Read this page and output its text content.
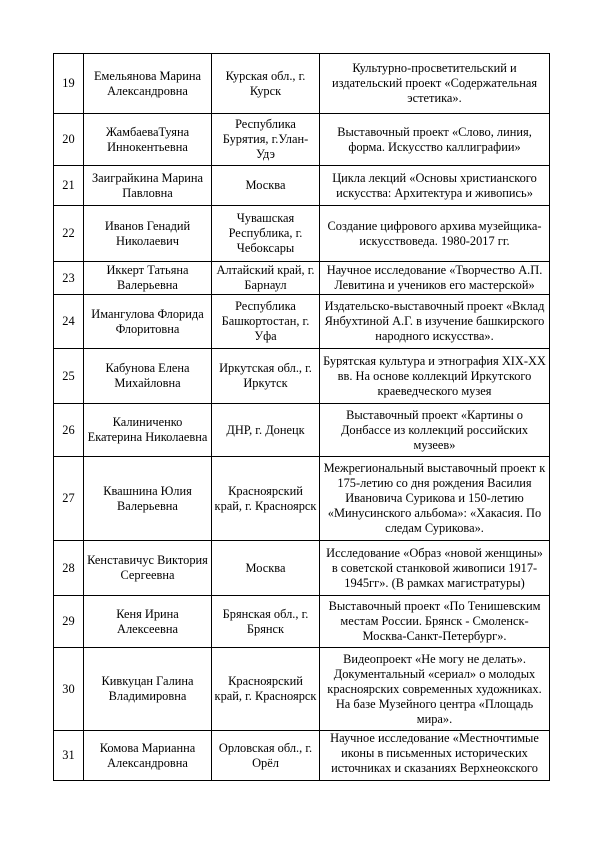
19	Емельянова Марина Александровна	Курская обл., г. Курск	Культурно-просветительский и издательский проект «Содержательная эстетика».
20	ЖамбаеваТуяна Иннокентьевна	Республика Бурятия, г.Улан-Удэ	Выставочный проект «Слово, линия, форма. Искусство каллиграфии»
21	Заиграйкина Марина Павловна	Москва	Цикла лекций «Основы христианского искусства: Архитектура и живопись»
22	Иванов Генадий Николаевич	Чувашская Республика, г. Чебоксары	Создание цифрового архива музейщика-искусствоведа. 1980-2017 гг.
23	Иккерт Татьяна Валерьевна	Алтайский край, г. Барнаул	Научное исследование «Творчество А.П. Левитина и учеников его мастерской»
24	Имангулова Флорида Флоритовна	Республика Башкортостан, г. Уфа	Издательско-выставочный проект «Вклад Янбухтиной А.Г. в изучение башкирского народного искусства».
25	Кабунова Елена Михайловна	Иркутская обл., г. Иркутск	Бурятская культура и этнография XIX-XX вв. На основе коллекций Иркутского краеведческого музея
26	Калиниченко Екатерина Николаевна	ДНР, г. Донецк	Выставочный проект «Картины о Донбассе из коллекций российских музеев»
27	Квашнина Юлия Валерьевна	Красноярский край, г. Красноярск	Межрегиональный выставочный проект к 175-летию со дня рождения Василия Ивановича Сурикова и 150-летию «Минусинского альбома»: «Хакасия. По следам Сурикова».
28	Кенставичус Виктория Сергеевна	Москва	Исследование «Образ «новой женщины» в советской станковой живописи 1917-1945гг». (В рамках магистратуры)
29	Кеня Ирина Алексеевна	Брянская обл., г. Брянск	Выставочный проект «По Тенишевским местам России. Брянск - Смоленск-Москва-Санкт-Петербург».
30	Кивкуцан Галина Владимировна	Красноярский край, г. Красноярск	Видеопроект «Не могу не делать». Документальный «сериал» о молодых красноярских современных художниках. На базе Музейного центра «Площадь мира».
31	Комова Марианна Александровна	Орловская обл., г. Орёл	Научное исследование «Местночтимые иконы в письменных исторических источниках и сказаниях Верхнеокского
